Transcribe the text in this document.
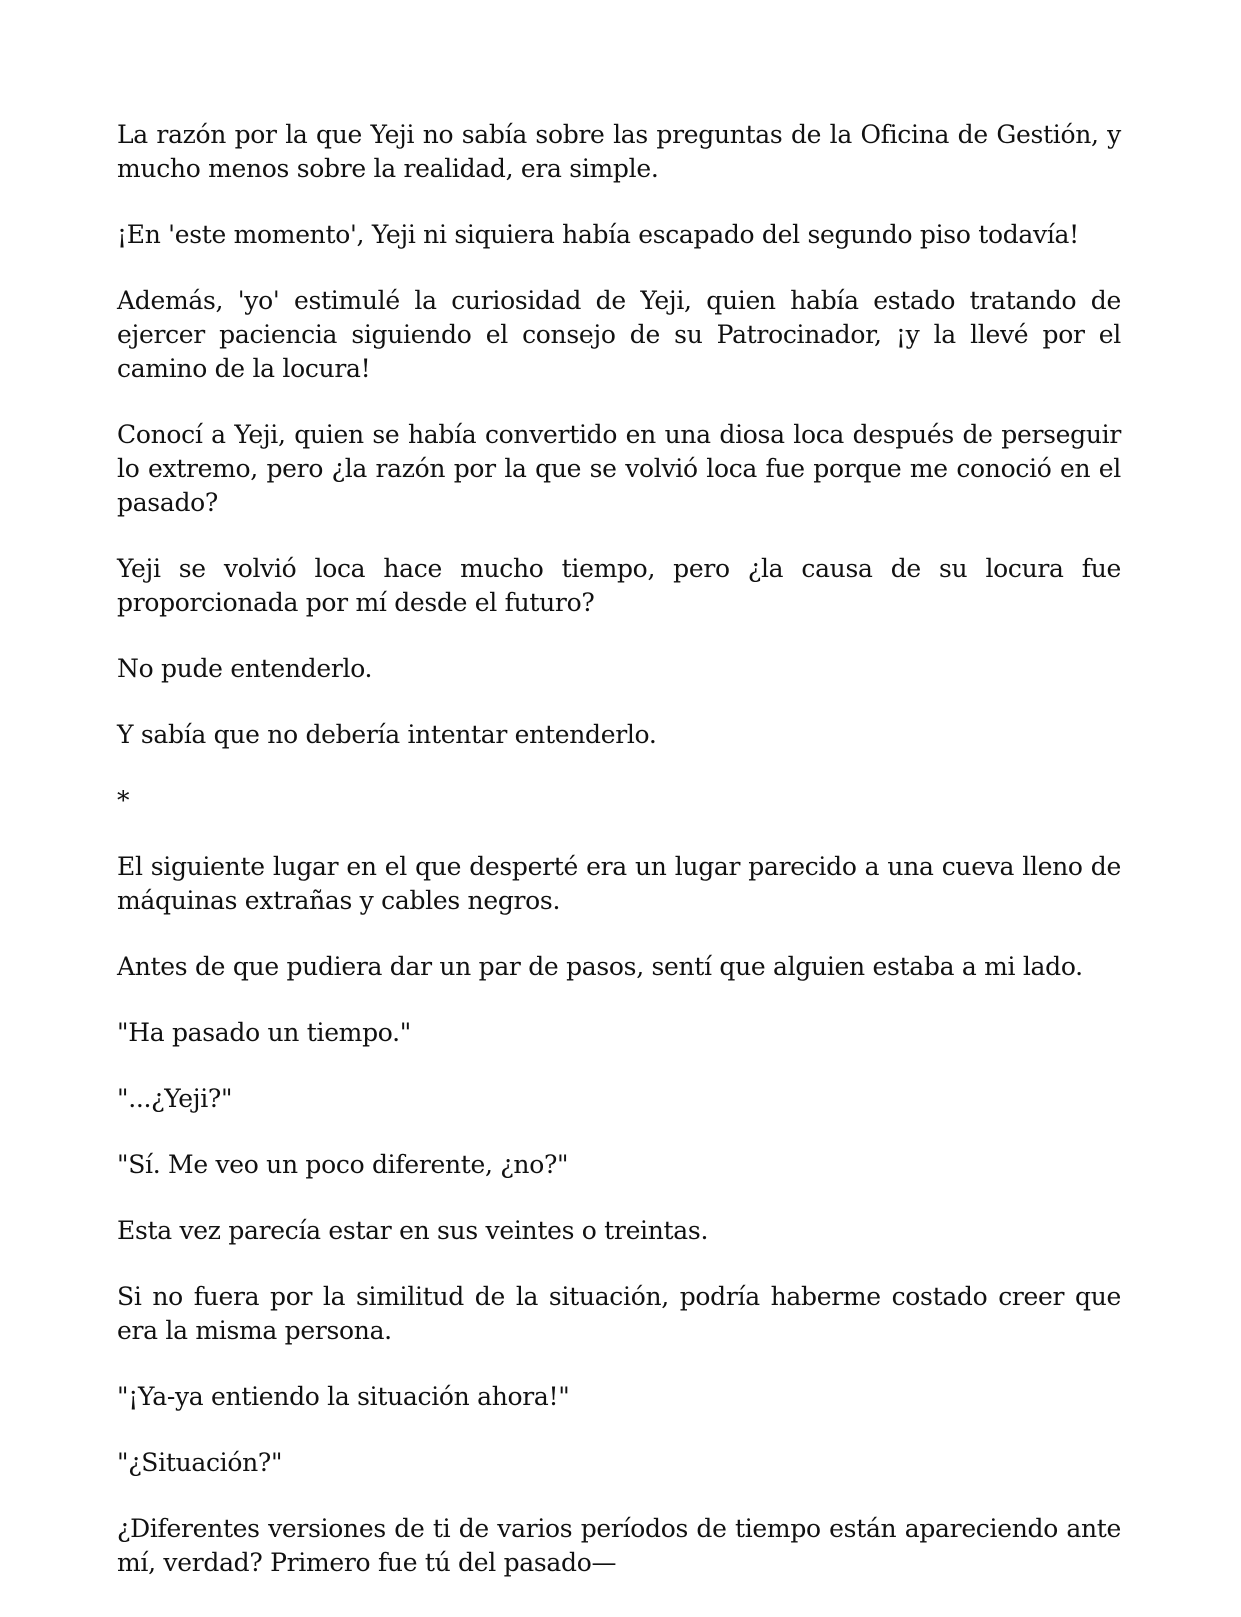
La razón por la que Yeji no sabía sobre las preguntas de la Oficina de Gestión, y mucho menos sobre la realidad, era simple.

¡En 'este momento', Yeji ni siquiera había escapado del segundo piso todavía!

Además, 'yo' estimulé la curiosidad de Yeji, quien había estado tratando de ejercer paciencia siguiendo el consejo de su Patrocinador, ¡y la llevé por el camino de la locura!

Conocí a Yeji, quien se había convertido en una diosa loca después de perseguir lo extremo, pero ¿la razón por la que se volvió loca fue porque me conoció en el pasado?

Yeji se volvió loca hace mucho tiempo, pero ¿la causa de su locura fue proporcionada por mí desde el futuro?

No pude entenderlo.

Y sabía que no debería intentar entenderlo.

*

El siguiente lugar en el que desperté era un lugar parecido a una cueva lleno de máquinas extrañas y cables negros.

Antes de que pudiera dar un par de pasos, sentí que alguien estaba a mi lado.

"Ha pasado un tiempo."

"...¿Yeji?"

"Sí. Me veo un poco diferente, ¿no?"

Esta vez parecía estar en sus veintes o treintas.

Si no fuera por la similitud de la situación, podría haberme costado creer que era la misma persona.

"¡Ya-ya entiendo la situación ahora!"

"¿Situación?"

¿Diferentes versiones de ti de varios períodos de tiempo están apareciendo ante mí, verdad? Primero fue tú del pasado—
